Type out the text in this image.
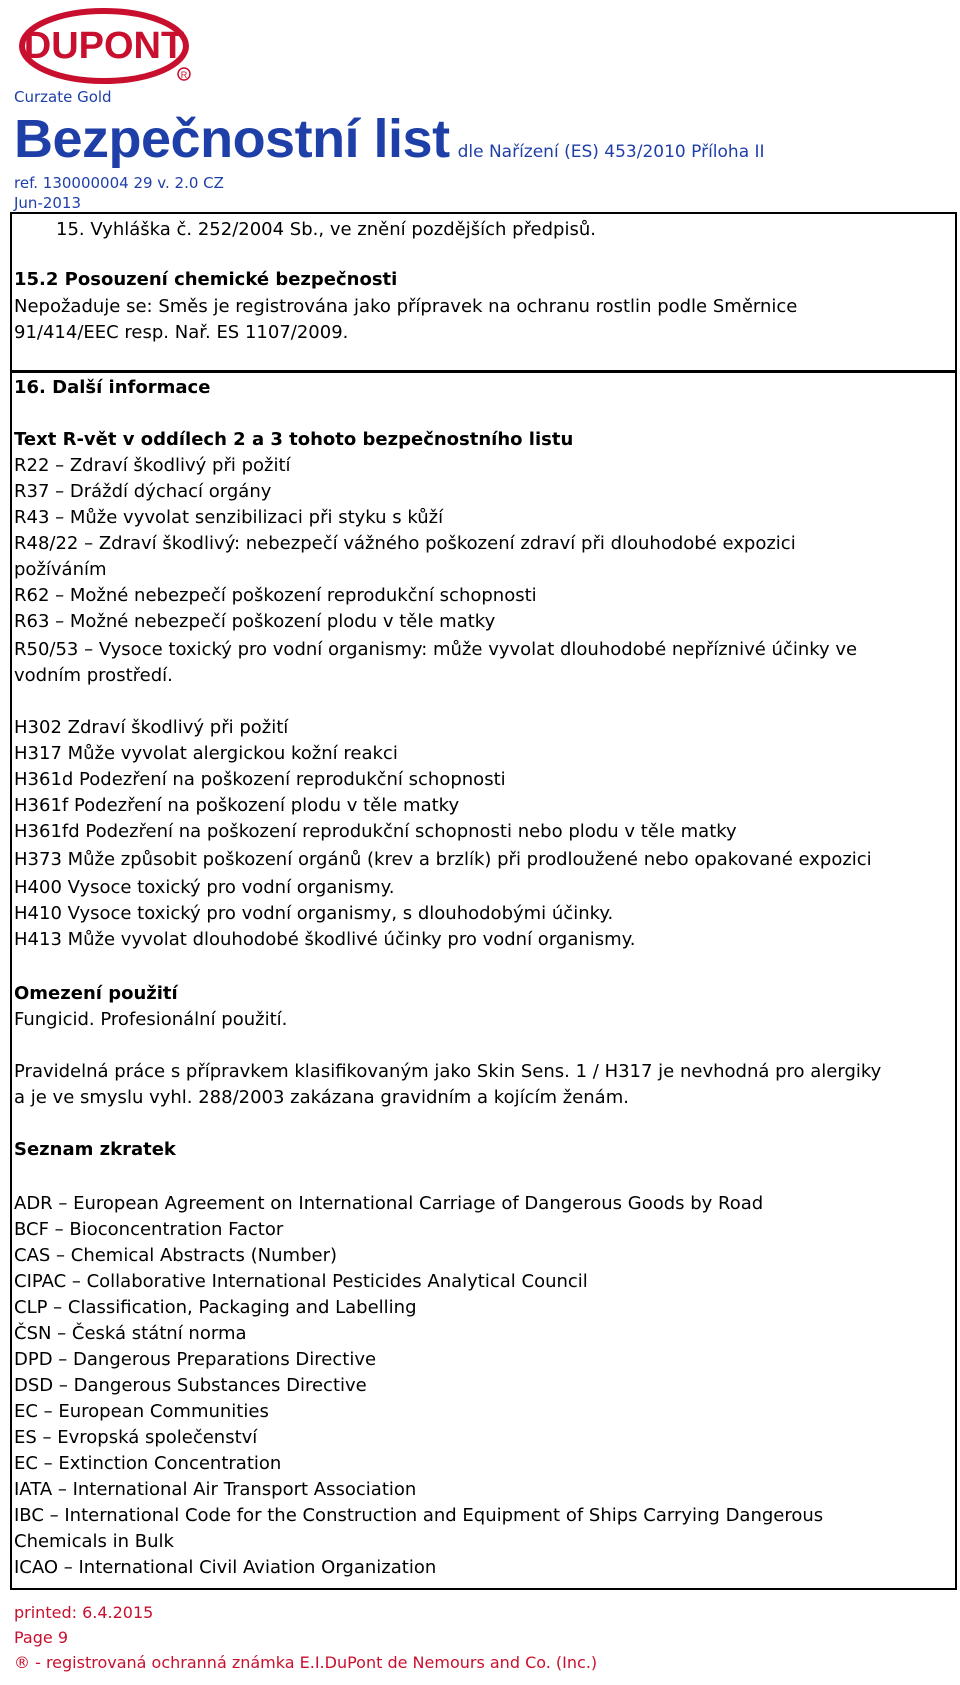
DUPONT
R
Curzate Gold
Bezpečnostní list dle Nařízení (ES) 453/2010 Příloha II
ref. 130000004 29 v. 2.0 CZ
Jun-2013
15. Vyhláška č. 252/2004 Sb., ve znění pozdějších předpisů.
15.2 Posouzení chemické bezpečnosti
Nepožaduje se: Směs je registrována jako přípravek na ochranu rostlin podle Směrnice
91/414/EEC resp. Nař. ES 1107/2009.
16. Další informace
Text R-vět v oddílech 2 a 3 tohoto bezpečnostního listu
R22 – Zdraví škodlivý při požití
R37 – Dráždí dýchací orgány
R43 – Může vyvolat senzibilizaci při styku s kůží
R48/22 – Zdraví škodlivý: nebezpečí vážného poškození zdraví při dlouhodobé expozici
požíváním
R62 – Možné nebezpečí poškození reprodukční schopnosti
R63 – Možné nebezpečí poškození plodu v těle matky
R50/53 – Vysoce toxický pro vodní organismy: může vyvolat dlouhodobé nepříznivé účinky ve
vodním prostředí.
H302 Zdraví škodlivý při požití
H317 Může vyvolat alergickou kožní reakci
H361d Podezření na poškození reprodukční schopnosti
H361f Podezření na poškození plodu v těle matky
H361fd Podezření na poškození reprodukční schopnosti nebo plodu v těle matky
H373 Může způsobit poškození orgánů (krev a brzlík) při prodloužené nebo opakované expozici
H400 Vysoce toxický pro vodní organismy.
H410 Vysoce toxický pro vodní organismy, s dlouhodobými účinky.
H413 Může vyvolat dlouhodobé škodlivé účinky pro vodní organismy.
Omezení použití
Fungicid. Profesionální použití.
Pravidelná práce s přípravkem klasifikovaným jako Skin Sens. 1 / H317 je nevhodná pro alergiky
a je ve smyslu vyhl. 288/2003 zakázana gravidním a kojícím ženám.
Seznam zkratek
ADR – European Agreement on International Carriage of Dangerous Goods by Road
BCF – Bioconcentration Factor
CAS – Chemical Abstracts (Number)
CIPAC – Collaborative International Pesticides Analytical Council
CLP – Classification, Packaging and Labelling
ČSN – Česká státní norma
DPD – Dangerous Preparations Directive
DSD – Dangerous Substances Directive
EC – European Communities
ES – Evropská společenství
EC – Extinction Concentration
IATA – International Air Transport Association
IBC – International Code for the Construction and Equipment of Ships Carrying Dangerous
Chemicals in Bulk
ICAO – International Civil Aviation Organization
printed: 6.4.2015
Page 9
® - registrovaná ochranná známka E.I.DuPont de Nemours and Co. (Inc.)
